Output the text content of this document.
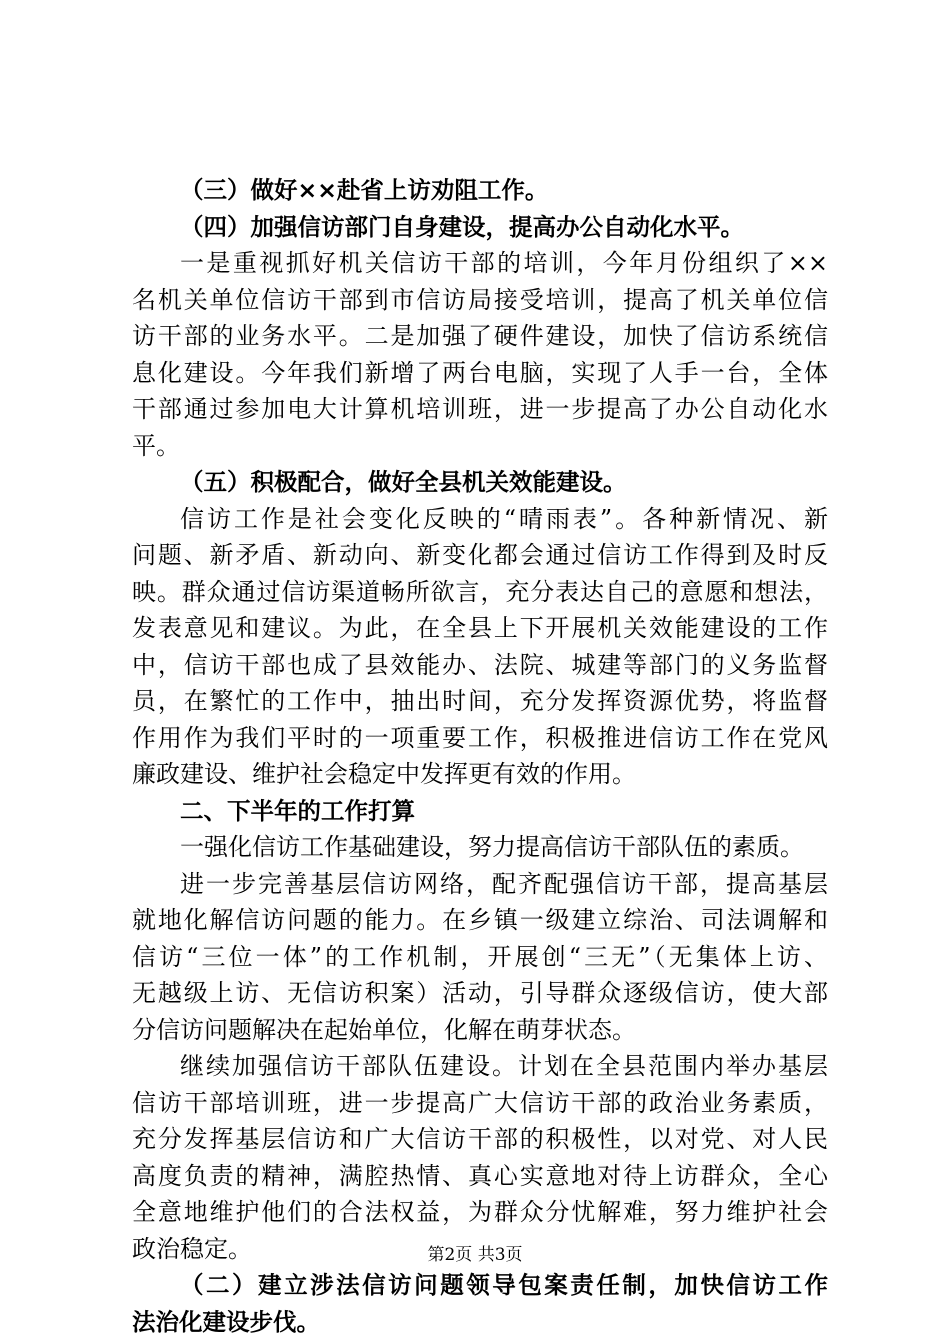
（三）做好××赴省上访劝阻工作。
（四）加强信访部门自身建设，提高办公自动化水平。
一是重视抓好机关信访干部的培训，今年月份组织了××
名机关单位信访干部到市信访局接受培训，提高了机关单位信
访干部的业务水平。二是加强了硬件建设，加快了信访系统信
息化建设。今年我们新增了两台电脑，实现了人手一台，全体
干部通过参加电大计算机培训班，进一步提高了办公自动化水
平。
（五）积极配合，做好全县机关效能建设。
信访工作是社会变化反映的“晴雨表”。各种新情况、新
问题、新矛盾、新动向、新变化都会通过信访工作得到及时反
映。群众通过信访渠道畅所欲言，充分表达自己的意愿和想法，
发表意见和建议。为此，在全县上下开展机关效能建设的工作
中，信访干部也成了县效能办、法院、城建等部门的义务监督
员，在繁忙的工作中，抽出时间，充分发挥资源优势，将监督
作用作为我们平时的一项重要工作，积极推进信访工作在党风
廉政建设、维护社会稳定中发挥更有效的作用。
二、下半年的工作打算
一强化信访工作基础建设，努力提高信访干部队伍的素质。
进一步完善基层信访网络，配齐配强信访干部，提高基层
就地化解信访问题的能力。在乡镇一级建立综治、司法调解和
信访“三位一体”的工作机制，开展创“三无”（无集体上访、
无越级上访、无信访积案）活动，引导群众逐级信访，使大部
分信访问题解决在起始单位，化解在萌芽状态。
继续加强信访干部队伍建设。计划在全县范围内举办基层
信访干部培训班，进一步提高广大信访干部的政治业务素质，
充分发挥基层信访和广大信访干部的积极性，以对党、对人民
高度负责的精神，满腔热情、真心实意地对待上访群众，全心
全意地维护他们的合法权益，为群众分忧解难，努力维护社会
政治稳定。
（二）建立涉法信访问题领导包案责任制，加快信访工作
法治化建设步伐。
第2页 共3页
